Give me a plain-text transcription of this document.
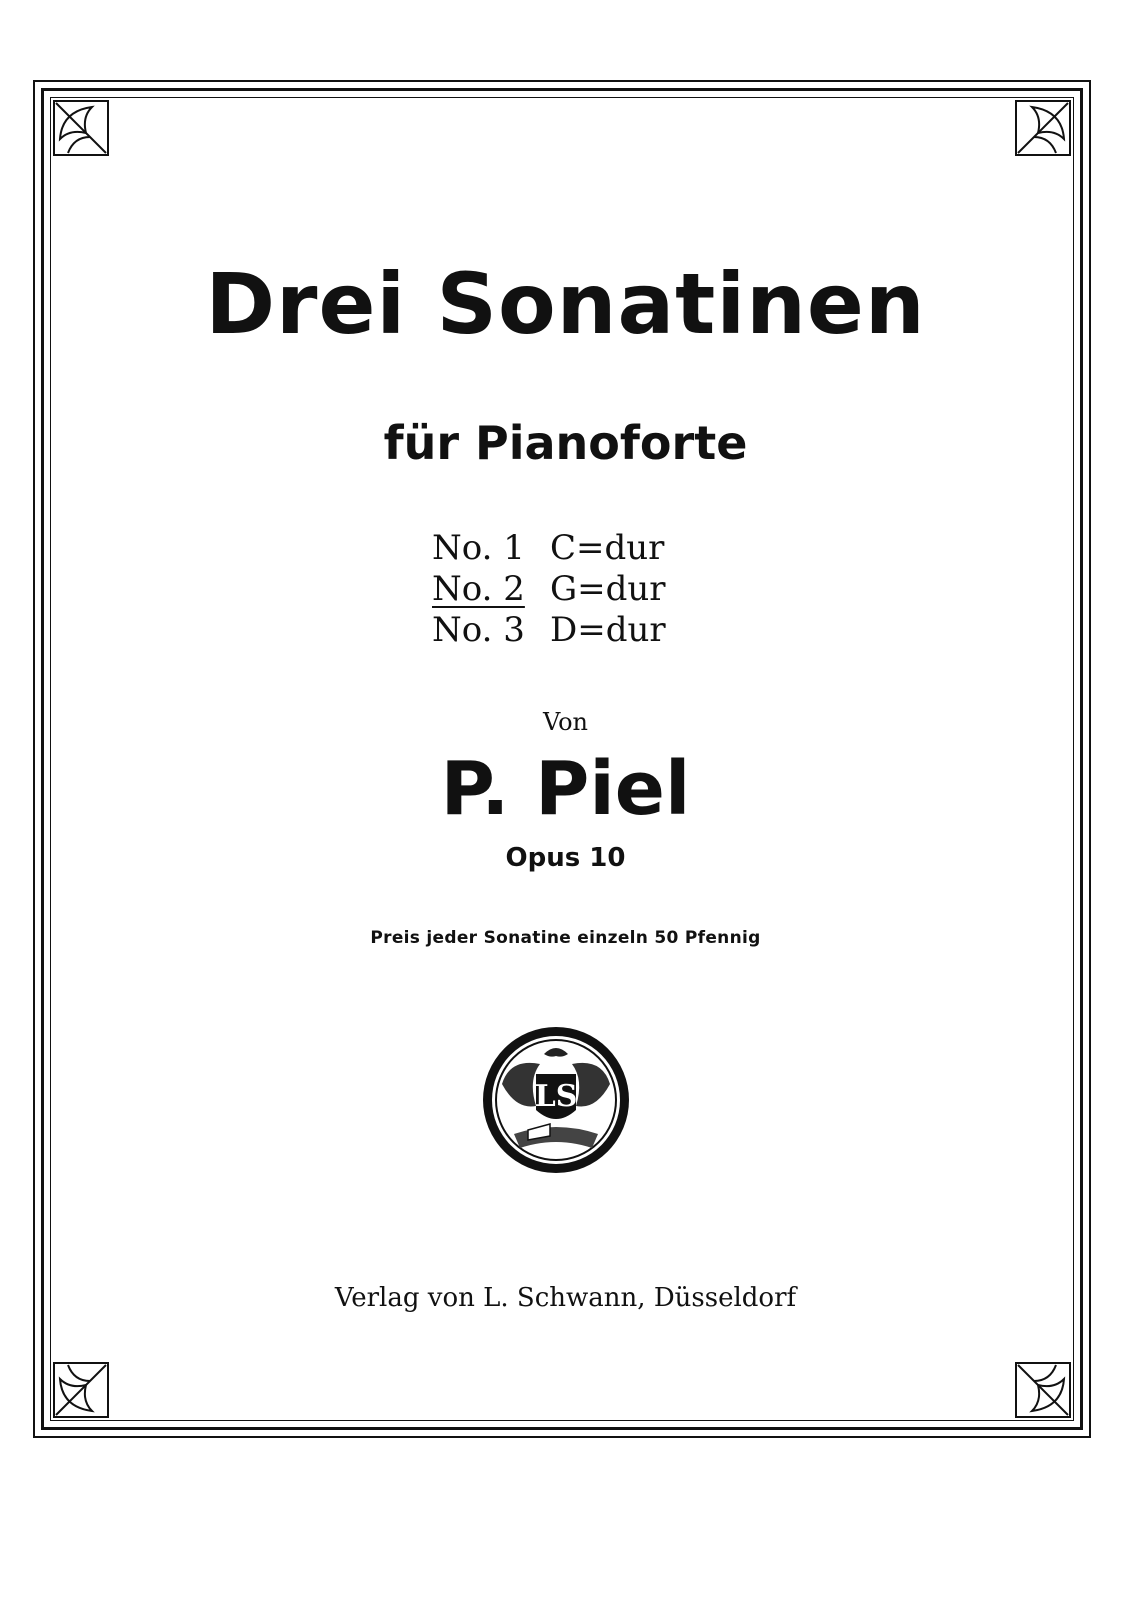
Drei Sonatinen
für Pianoforte
No. 1 C=dur
No. 2 G=dur
No. 3 D=dur
Von
P. Piel
Opus 10
Preis jeder Sonatine einzeln 50 Pfennig
LS
Verlag von L. Schwann, Düsseldorf
